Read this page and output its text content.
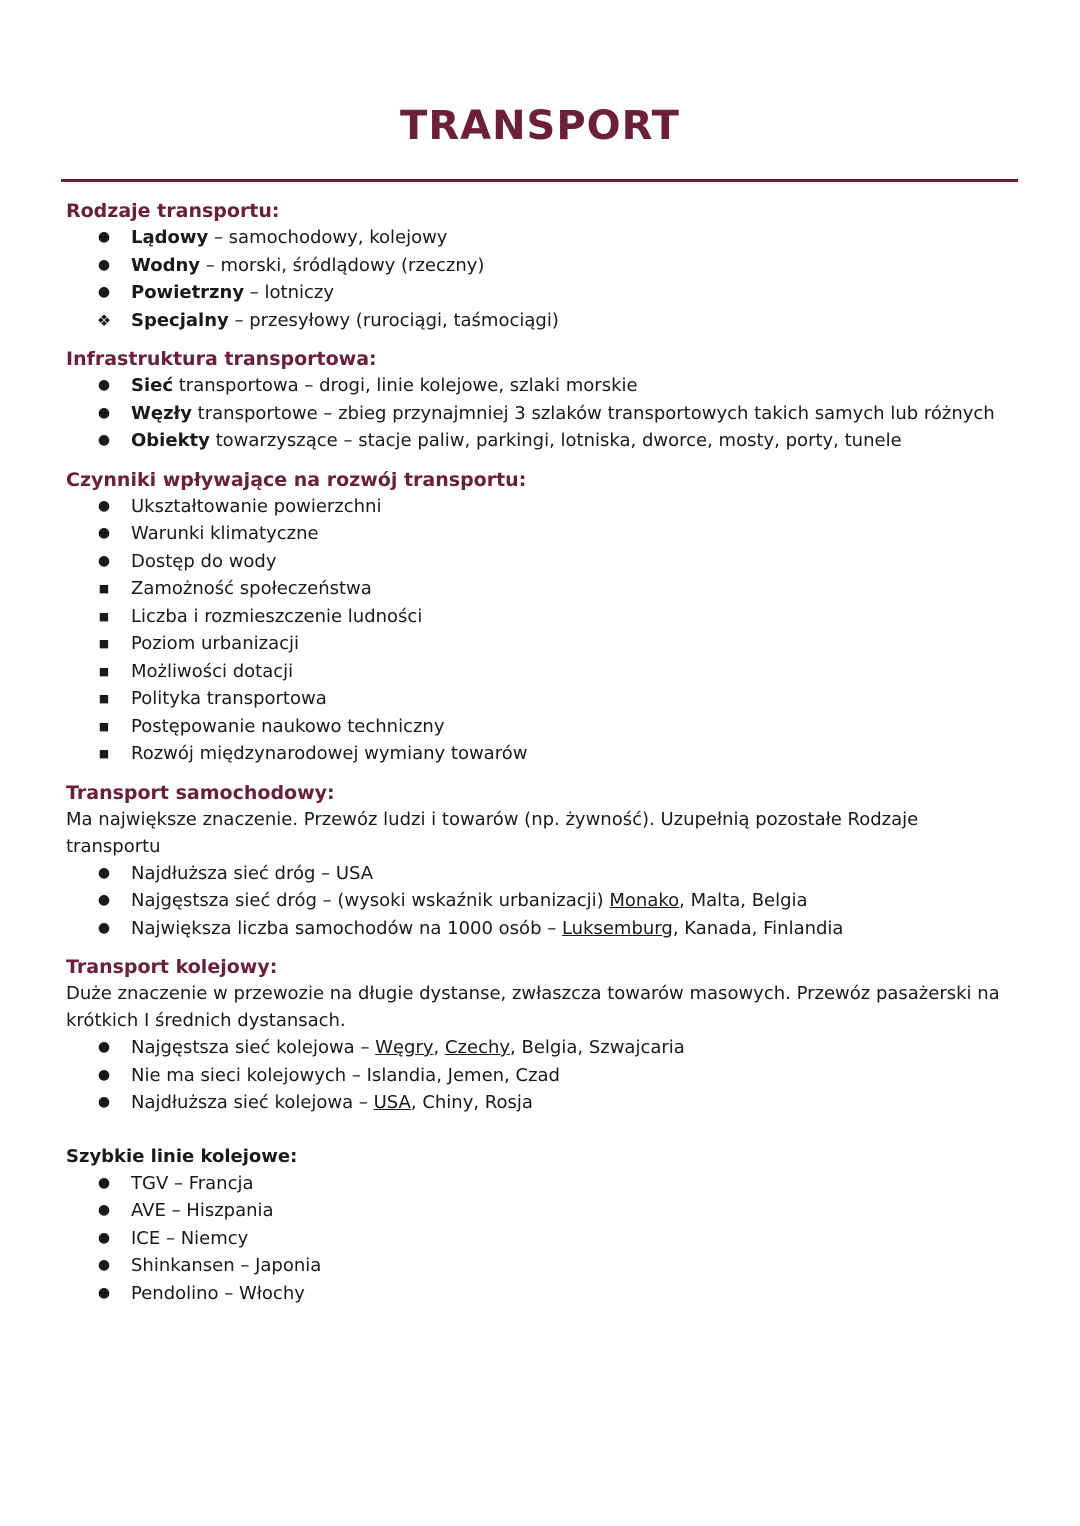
TRANSPORT
Rodzaje transportu:
● Lądowy – samochodowy, kolejowy
● Wodny – morski, śródlądowy (rzeczny)
● Powietrzny – lotniczy
❖ Specjalny – przesyłowy (rurociągi, taśmociągi)
Infrastruktura transportowa:
● Sieć transportowa – drogi, linie kolejowe, szlaki morskie
● Węzły transportowe – zbieg przynajmniej 3 szlaków transportowych takich samych lub różnych
● Obiekty towarzyszące – stacje paliw, parkingi, lotniska, dworce, mosty, porty, tunele
Czynniki wpływające na rozwój transportu:
● Ukształtowanie powierzchni
● Warunki klimatyczne
● Dostęp do wody
■ Zamożność społeczeństwa
■ Liczba i rozmieszczenie ludności
■ Poziom urbanizacji
■ Możliwości dotacji
■ Polityka transportowa
■ Postępowanie naukowo techniczny
■ Rozwój międzynarodowej wymiany towarów
Transport samochodowy:

Ma największe znaczenie. Przewóz ludzi i towarów (np. żywność). Uzupełnią pozostałe Rodzaje transportu

● Najdłuższa sieć dróg – USA
● Najgęstsza sieć dróg – (wysoki wskaźnik urbanizacji) Monako, Malta, Belgia
● Największa liczba samochodów na 1000 osób – Luksemburg, Kanada, Finlandia
Transport kolejowy:

Duże znaczenie w przewozie na długie dystanse, zwłaszcza towarów masowych. Przewóz pasażerski na

krótkich I średnich dystansach.

● Najgęstsza sieć kolejowa – Węgry, Czechy, Belgia, Szwajcaria
● Nie ma sieci kolejowych – Islandia, Jemen, Czad
● Najdłuższa sieć kolejowa – USA, Chiny, Rosja
Szybkie linie kolejowe:
● TGV – Francja
● AVE – Hiszpania
● ICE – Niemcy
● Shinkansen – Japonia
● Pendolino – Włochy
